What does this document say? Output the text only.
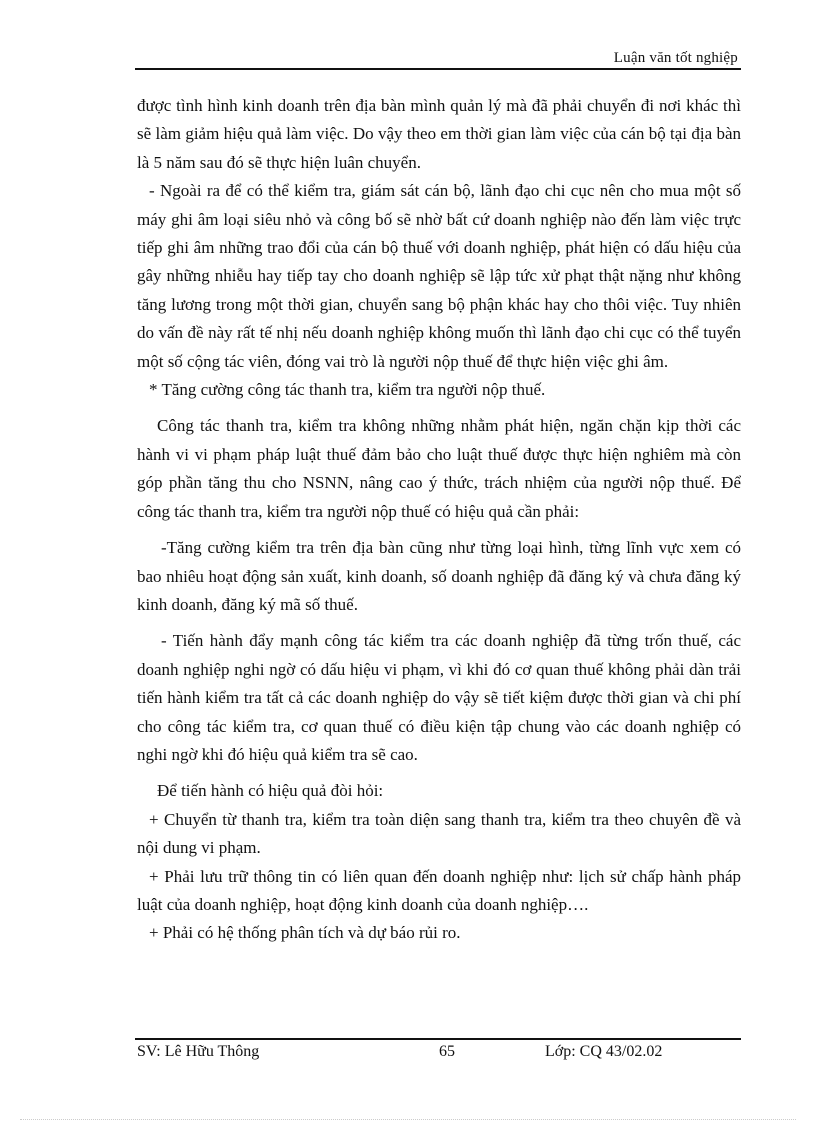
Luận văn tốt nghiệp

được tình hình kinh doanh trên địa bàn mình quản lý mà đã phải chuyển đi nơi khác thì sẽ làm giảm hiệu quả làm việc. Do vậy theo em thời gian làm việc của cán bộ tại địa bàn là 5 năm sau đó sẽ thực hiện luân chuyển.

- Ngoài ra để có thể kiểm tra, giám sát cán bộ, lãnh đạo chi cục nên cho mua một số máy ghi âm loại siêu nhỏ và công bố sẽ nhờ bất cứ doanh nghiệp nào đến làm việc trực tiếp ghi âm những trao đổi của cán bộ thuế với doanh nghiệp, phát hiện có dấu hiệu của gây những nhiễu hay tiếp tay cho doanh nghiệp sẽ lập tức xử phạt thật nặng như không tăng lương trong một thời gian, chuyển sang bộ phận khác hay cho thôi việc. Tuy nhiên do vấn đề này rất tế nhị nếu doanh nghiệp không muốn thì lãnh đạo chi cục có thể tuyển một số cộng tác viên, đóng vai trò là người nộp thuế để thực hiện việc ghi âm.

* Tăng cường công tác thanh tra, kiểm tra người nộp thuế.

Công tác thanh tra, kiểm tra không những nhằm phát hiện, ngăn chặn kịp thời các hành vi vi phạm pháp luật thuế đảm bảo cho luật thuế được thực hiện nghiêm mà còn góp phần tăng thu cho NSNN, nâng cao ý thức, trách nhiệm của người nộp thuế. Để công tác thanh tra, kiểm tra người nộp thuế có hiệu quả cần phải:

-Tăng cường kiểm tra trên địa bàn cũng như từng loại hình, từng lĩnh vực xem có bao nhiêu hoạt động sản xuất, kinh doanh, số doanh nghiệp đã đăng ký và chưa đăng ký kinh doanh, đăng ký mã số thuế.

- Tiến hành đẩy mạnh công tác kiểm tra các doanh nghiệp đã từng trốn thuế, các doanh nghiệp nghi ngờ có dấu hiệu vi phạm, vì khi đó cơ quan thuế không phải dàn trải tiến hành kiểm tra tất cả các doanh nghiệp do vậy sẽ tiết kiệm được thời gian và chi phí cho công tác kiểm tra, cơ quan thuế có điều kiện tập chung vào các doanh nghiệp có nghi ngờ khi đó hiệu quả kiểm tra sẽ cao.

Để tiến hành có hiệu quả đòi hỏi:

+ Chuyển từ thanh tra, kiểm tra toàn diện sang thanh tra, kiểm tra theo chuyên đề và nội dung vi phạm.

+ Phải lưu trữ thông tin có liên quan đến doanh nghiệp như: lịch sử chấp hành pháp luật của doanh nghiệp, hoạt động kinh doanh của doanh nghiệp….

+ Phải có hệ thống phân tích và dự báo rủi ro.

SV: Lê Hữu Thông	65	Lớp: CQ 43/02.02
